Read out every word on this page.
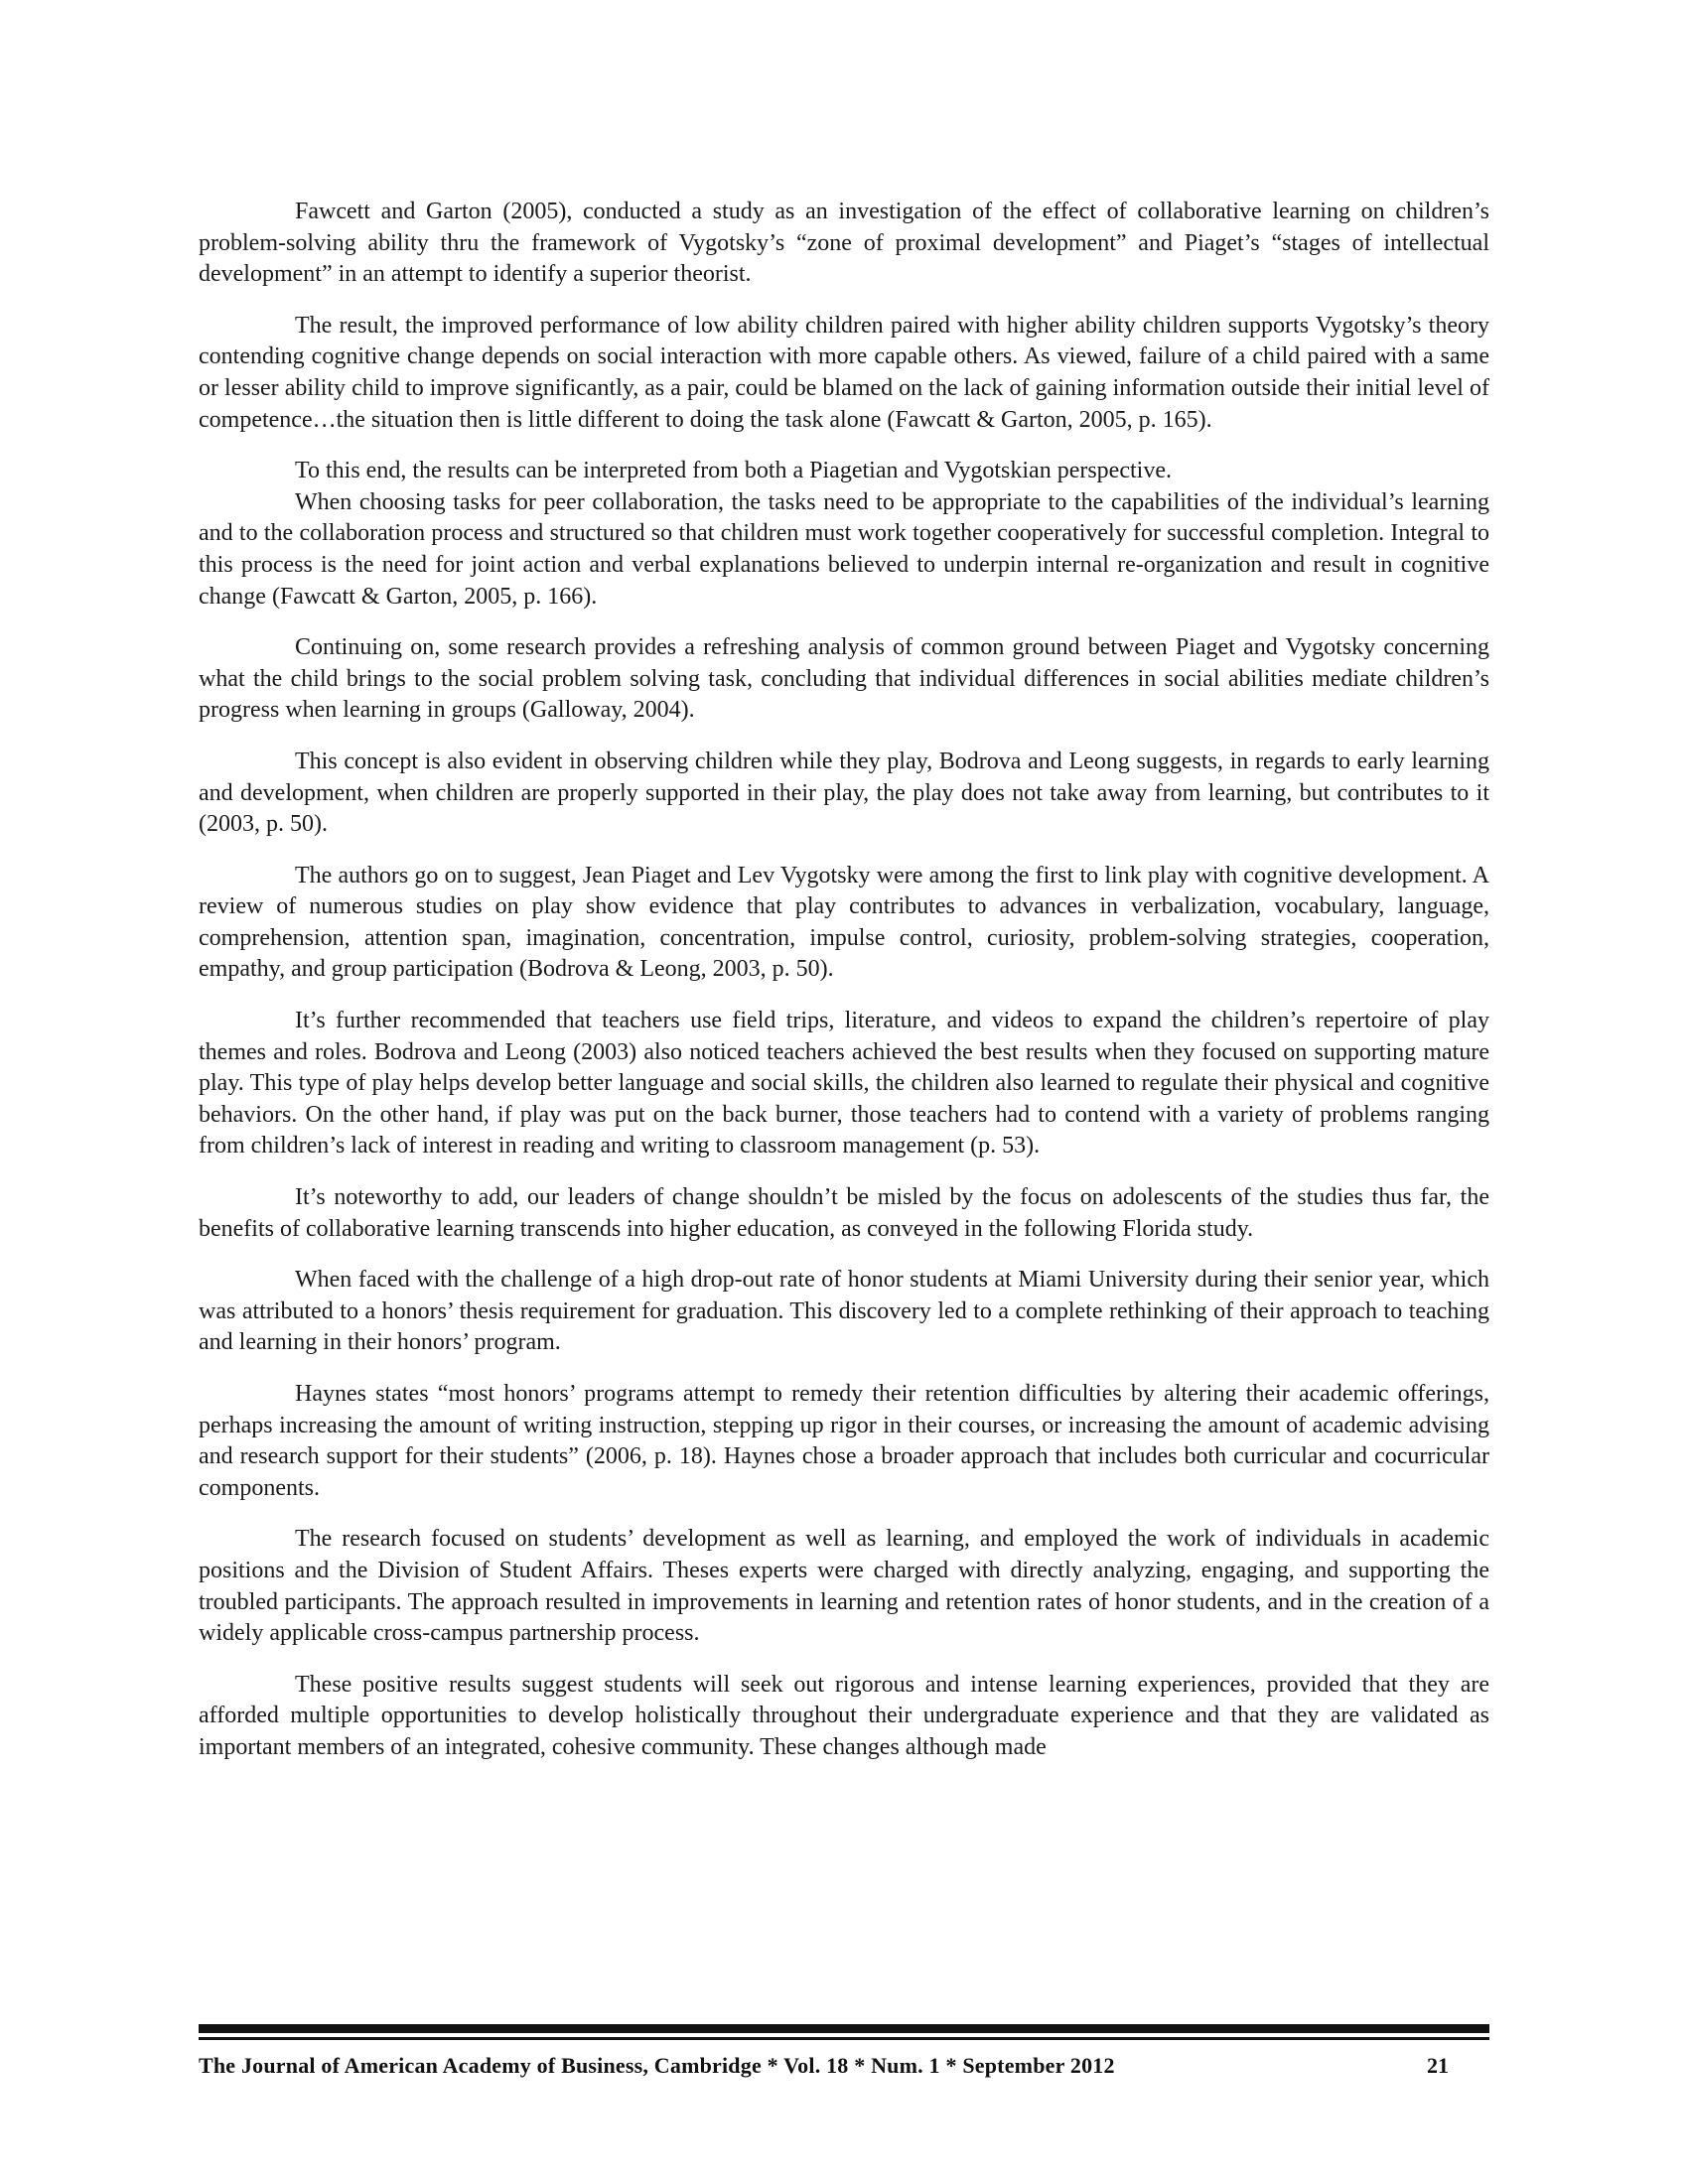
Fawcett and Garton (2005), conducted a study as an investigation of the effect of collaborative learning on children’s problem-solving ability thru the framework of Vygotsky’s “zone of proximal development” and Piaget’s “stages of intellectual development” in an attempt to identify a superior theorist.

The result, the improved performance of low ability children paired with higher ability children supports Vygotsky’s theory contending cognitive change depends on social interaction with more capable others. As viewed, failure of a child paired with a same or lesser ability child to improve significantly, as a pair, could be blamed on the lack of gaining information outside their initial level of competence…the situation then is little different to doing the task alone (Fawcatt & Garton, 2005, p. 165).

To this end, the results can be interpreted from both a Piagetian and Vygotskian perspective.

When choosing tasks for peer collaboration, the tasks need to be appropriate to the capabilities of the individual’s learning and to the collaboration process and structured so that children must work together cooperatively for successful completion. Integral to this process is the need for joint action and verbal explanations believed to underpin internal re-organization and result in cognitive change (Fawcatt & Garton, 2005, p. 166).

Continuing on, some research provides a refreshing analysis of common ground between Piaget and Vygotsky concerning what the child brings to the social problem solving task, concluding that individual differences in social abilities mediate children’s progress when learning in groups (Galloway, 2004).

This concept is also evident in observing children while they play, Bodrova and Leong suggests, in regards to early learning and development, when children are properly supported in their play, the play does not take away from learning, but contributes to it (2003, p. 50).

The authors go on to suggest, Jean Piaget and Lev Vygotsky were among the first to link play with cognitive development. A review of numerous studies on play show evidence that play contributes to advances in verbalization, vocabulary, language, comprehension, attention span, imagination, concentration, impulse control, curiosity, problem-solving strategies, cooperation, empathy, and group participation (Bodrova & Leong, 2003, p. 50).

It’s further recommended that teachers use field trips, literature, and videos to expand the children’s repertoire of play themes and roles. Bodrova and Leong (2003) also noticed teachers achieved the best results when they focused on supporting mature play. This type of play helps develop better language and social skills, the children also learned to regulate their physical and cognitive behaviors. On the other hand, if play was put on the back burner, those teachers had to contend with a variety of problems ranging from children’s lack of interest in reading and writing to classroom management (p. 53).

It’s noteworthy to add, our leaders of change shouldn’t be misled by the focus on adolescents of the studies thus far, the benefits of collaborative learning transcends into higher education, as conveyed in the following Florida study.

When faced with the challenge of a high drop-out rate of honor students at Miami University during their senior year, which was attributed to a honors’ thesis requirement for graduation. This discovery led to a complete rethinking of their approach to teaching and learning in their honors’ program.

Haynes states “most honors’ programs attempt to remedy their retention difficulties by altering their academic offerings, perhaps increasing the amount of writing instruction, stepping up rigor in their courses, or increasing the amount of academic advising and research support for their students” (2006, p. 18). Haynes chose a broader approach that includes both curricular and cocurricular components.

The research focused on students’ development as well as learning, and employed the work of individuals in academic positions and the Division of Student Affairs. Theses experts were charged with directly analyzing, engaging, and supporting the troubled participants. The approach resulted in improvements in learning and retention rates of honor students, and in the creation of a widely applicable cross-campus partnership process.

These positive results suggest students will seek out rigorous and intense learning experiences, provided that they are afforded multiple opportunities to develop holistically throughout their undergraduate experience and that they are validated as important members of an integrated, cohesive community. These changes although made

The Journal of American Academy of Business, Cambridge * Vol. 18 * Num. 1 * September 2012	21
